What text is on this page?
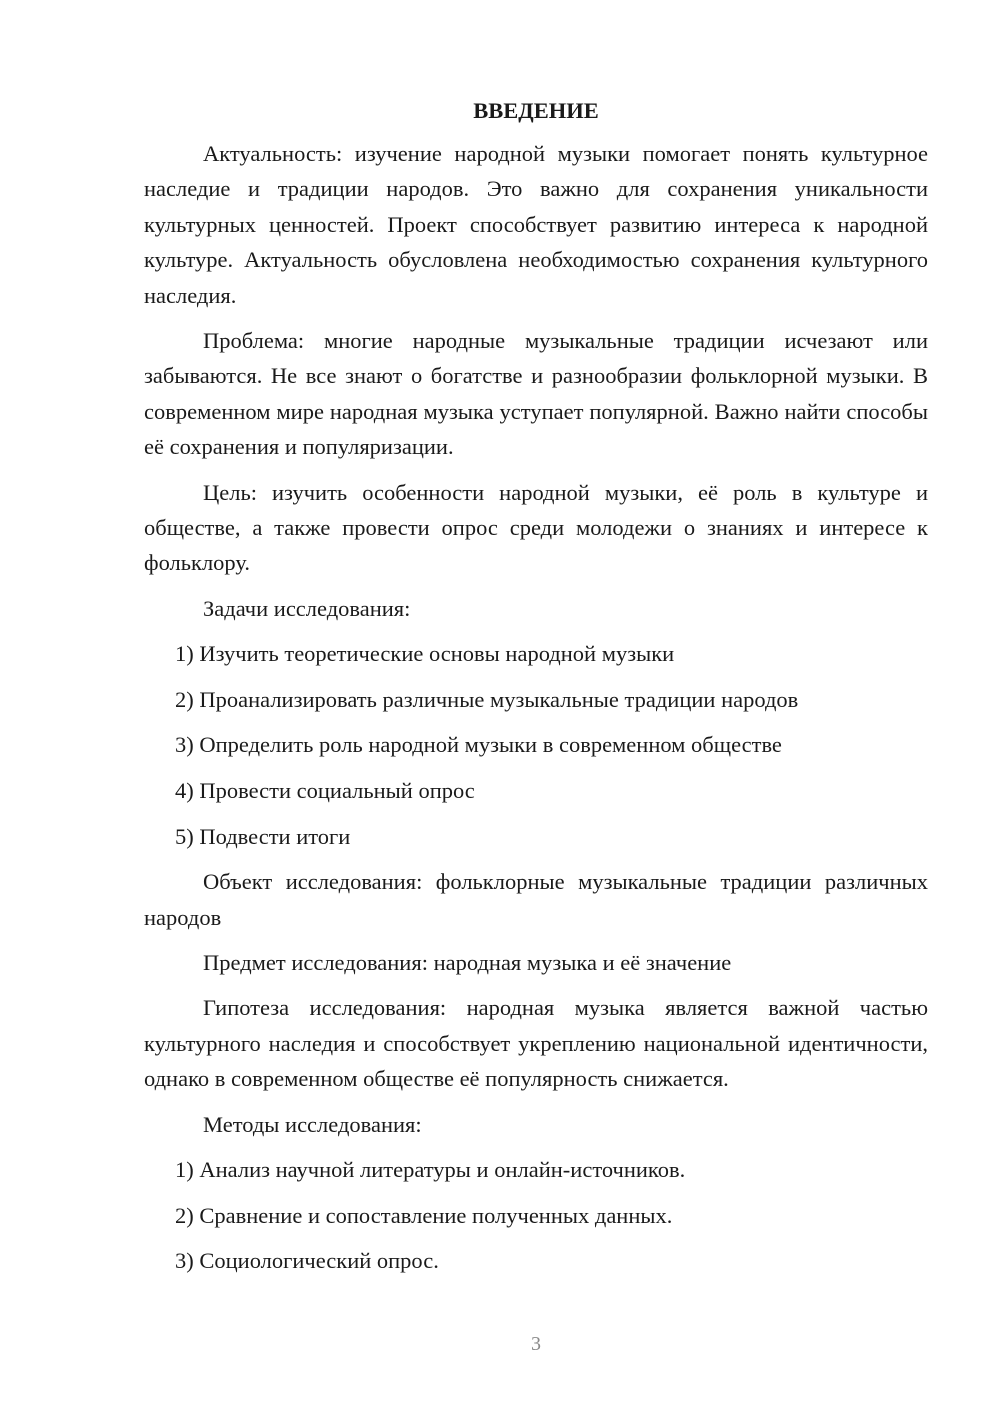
ВВЕДЕНИЕ

Актуальность: изучение народной музыки помогает понять культурное наследие и традиции народов. Это важно для сохранения уникальности культурных ценностей. Проект способствует развитию интереса к народной культуре. Актуальность обусловлена необходимостью сохранения культурного наследия.

Проблема: многие народные музыкальные традиции исчезают или забываются. Не все знают о богатстве и разнообразии фольклорной музыки. В современном мире народная музыка уступает популярной. Важно найти способы её сохранения и популяризации.

Цель: изучить особенности народной музыки, её роль в культуре и обществе, а также провести опрос среди молодежи о знаниях и интересе к фольклору.

Задачи исследования:

1) Изучить теоретические основы народной музыки
2) Проанализировать различные музыкальные традиции народов
3) Определить роль народной музыки в современном обществе
4) Провести социальный опрос
5) Подвести итоги

Объект исследования: фольклорные музыкальные традиции различных народов

Предмет исследования: народная музыка и её значение

Гипотеза исследования: народная музыка является важной частью культурного наследия и способствует укреплению национальной идентичности, однако в современном обществе её популярность снижается.

Методы исследования:

1) Анализ научной литературы и онлайн-источников.
2) Сравнение и сопоставление полученных данных.
3) Социологический опрос.
3
